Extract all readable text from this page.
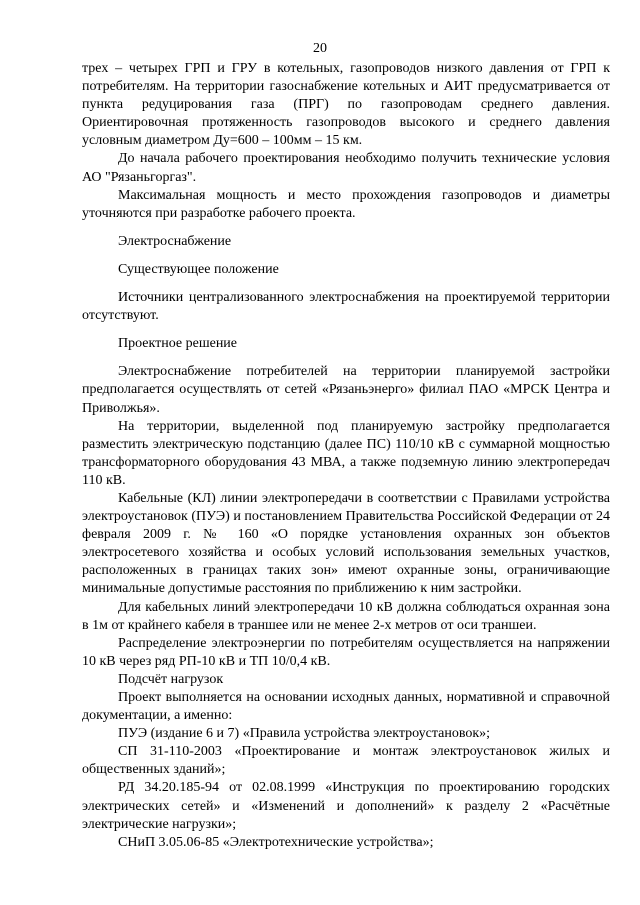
20

трех – четырех ГРП и ГРУ в котельных, газопроводов низкого давления от ГРП к потребителям. На территории газоснабжение котельных и АИТ предусматривается от пункта редуцирования газа (ПРГ) по газопроводам среднего давления. Ориентировочная протяженность газопроводов высокого и среднего давления условным диаметром Ду=600 – 100мм – 15 км.

До начала рабочего проектирования необходимо получить технические условия АО "Рязаньгоргаз".

Максимальная мощность и место прохождения газопроводов и диаметры уточняются при разработке рабочего проекта.

Электроснабжение

Существующее положение

Источники централизованного электроснабжения на проектируемой территории отсутствуют.

Проектное решение

Электроснабжение потребителей на территории планируемой застройки предполагается осуществлять от сетей «Рязаньэнерго» филиал ПАО «МРСК Центра и Приволжья».

На территории, выделенной под планируемую застройку предполагается разместить электрическую подстанцию (далее ПС) 110/10 кВ с суммарной мощностью трансформаторного оборудования 43 МВА, а также подземную линию электропередач 110 кВ.

Кабельные (КЛ) линии электропередачи в соответствии с Правилами устройства электроустановок (ПУЭ) и постановлением Правительства Российской Федерации от 24 февраля 2009 г. № 160 «О порядке установления охранных зон объектов электросетевого хозяйства и особых условий использования земельных участков, расположенных в границах таких зон» имеют охранные зоны, ограничивающие минимальные допустимые расстояния по приближению к ним застройки.

Для кабельных линий электропередачи 10 кВ должна соблюдаться охранная зона в 1м от крайнего кабеля в траншее или не менее 2-х метров от оси траншеи.

Распределение электроэнергии по потребителям осуществляется на напряжении 10 кВ через ряд РП-10 кВ и ТП 10/0,4 кВ.

Подсчёт нагрузок

Проект выполняется на основании исходных данных, нормативной и справочной документации, а именно:

ПУЭ (издание 6 и 7) «Правила устройства электроустановок»;

СП 31-110-2003 «Проектирование и монтаж электроустановок жилых и общественных зданий»;

РД 34.20.185-94 от 02.08.1999 «Инструкция по проектированию городских электрических сетей» и «Изменений и дополнений» к разделу 2 «Расчётные электрические нагрузки»;

СНиП 3.05.06-85 «Электротехнические устройства»;
